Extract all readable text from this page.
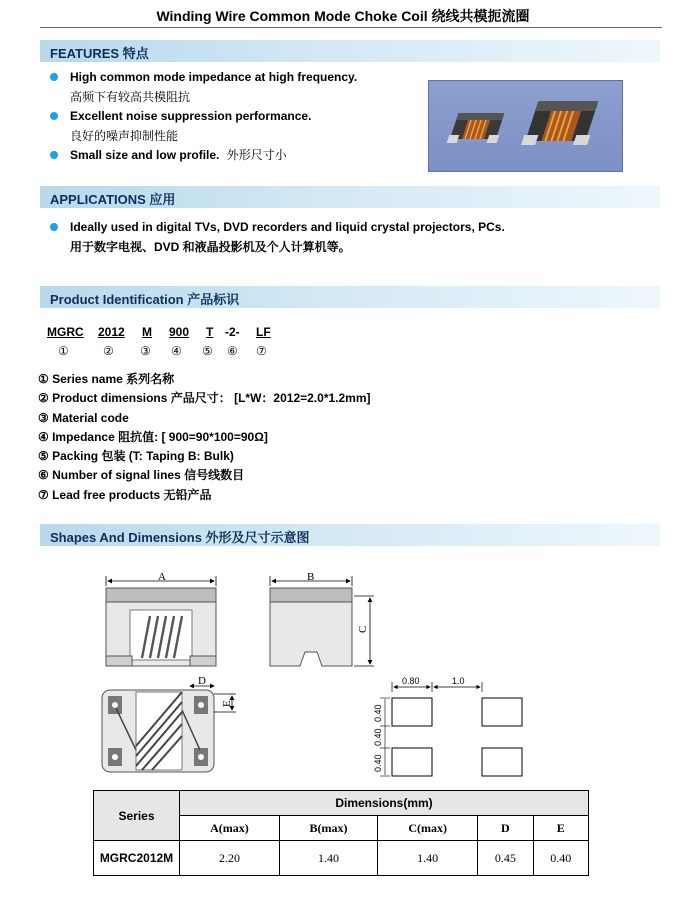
Winding Wire Common Mode Choke Coil 绕线共模扼流圈
FEATURES 特点
High common mode impedance at high frequency.
高频下有较高共模阻抗
Excellent noise suppression performance.
良好的噪声抑制性能
Small size and low profile. 外形尺寸小
APPLICATIONS 应用
Ideally used in digital TVs, DVD recorders and liquid crystal projectors, PCs.
用于数字电视、DVD 和液晶投影机及个人计算机等。
Product Identification 产品标识
MGRC 2012 M 900 T -2- LF
①	② ③ ④ ⑤ ⑥ ⑦
① Series name 系列名称
② Product dimensions 产品尺寸： [L*W：2012=2.0*1.2mm]
③ Material code
④ Impedance 阻抗值: [ 900=90*100=90Ω]
⑤ Packing 包装 (T: Taping B: Bulk)
⑥ Number of signal lines 信号线数目
⑦ Lead free products 无铅产品
Shapes And Dimensions 外形及尺寸示意图
A	B
C
D
E
0.80	1.0
0.40
0.40
0.40
Series	Dimensions(mm)				
	A(max)	B(max)	C(max)	D	E
MGRC2012M	2.20	1.40	1.40	0.45	0.40
